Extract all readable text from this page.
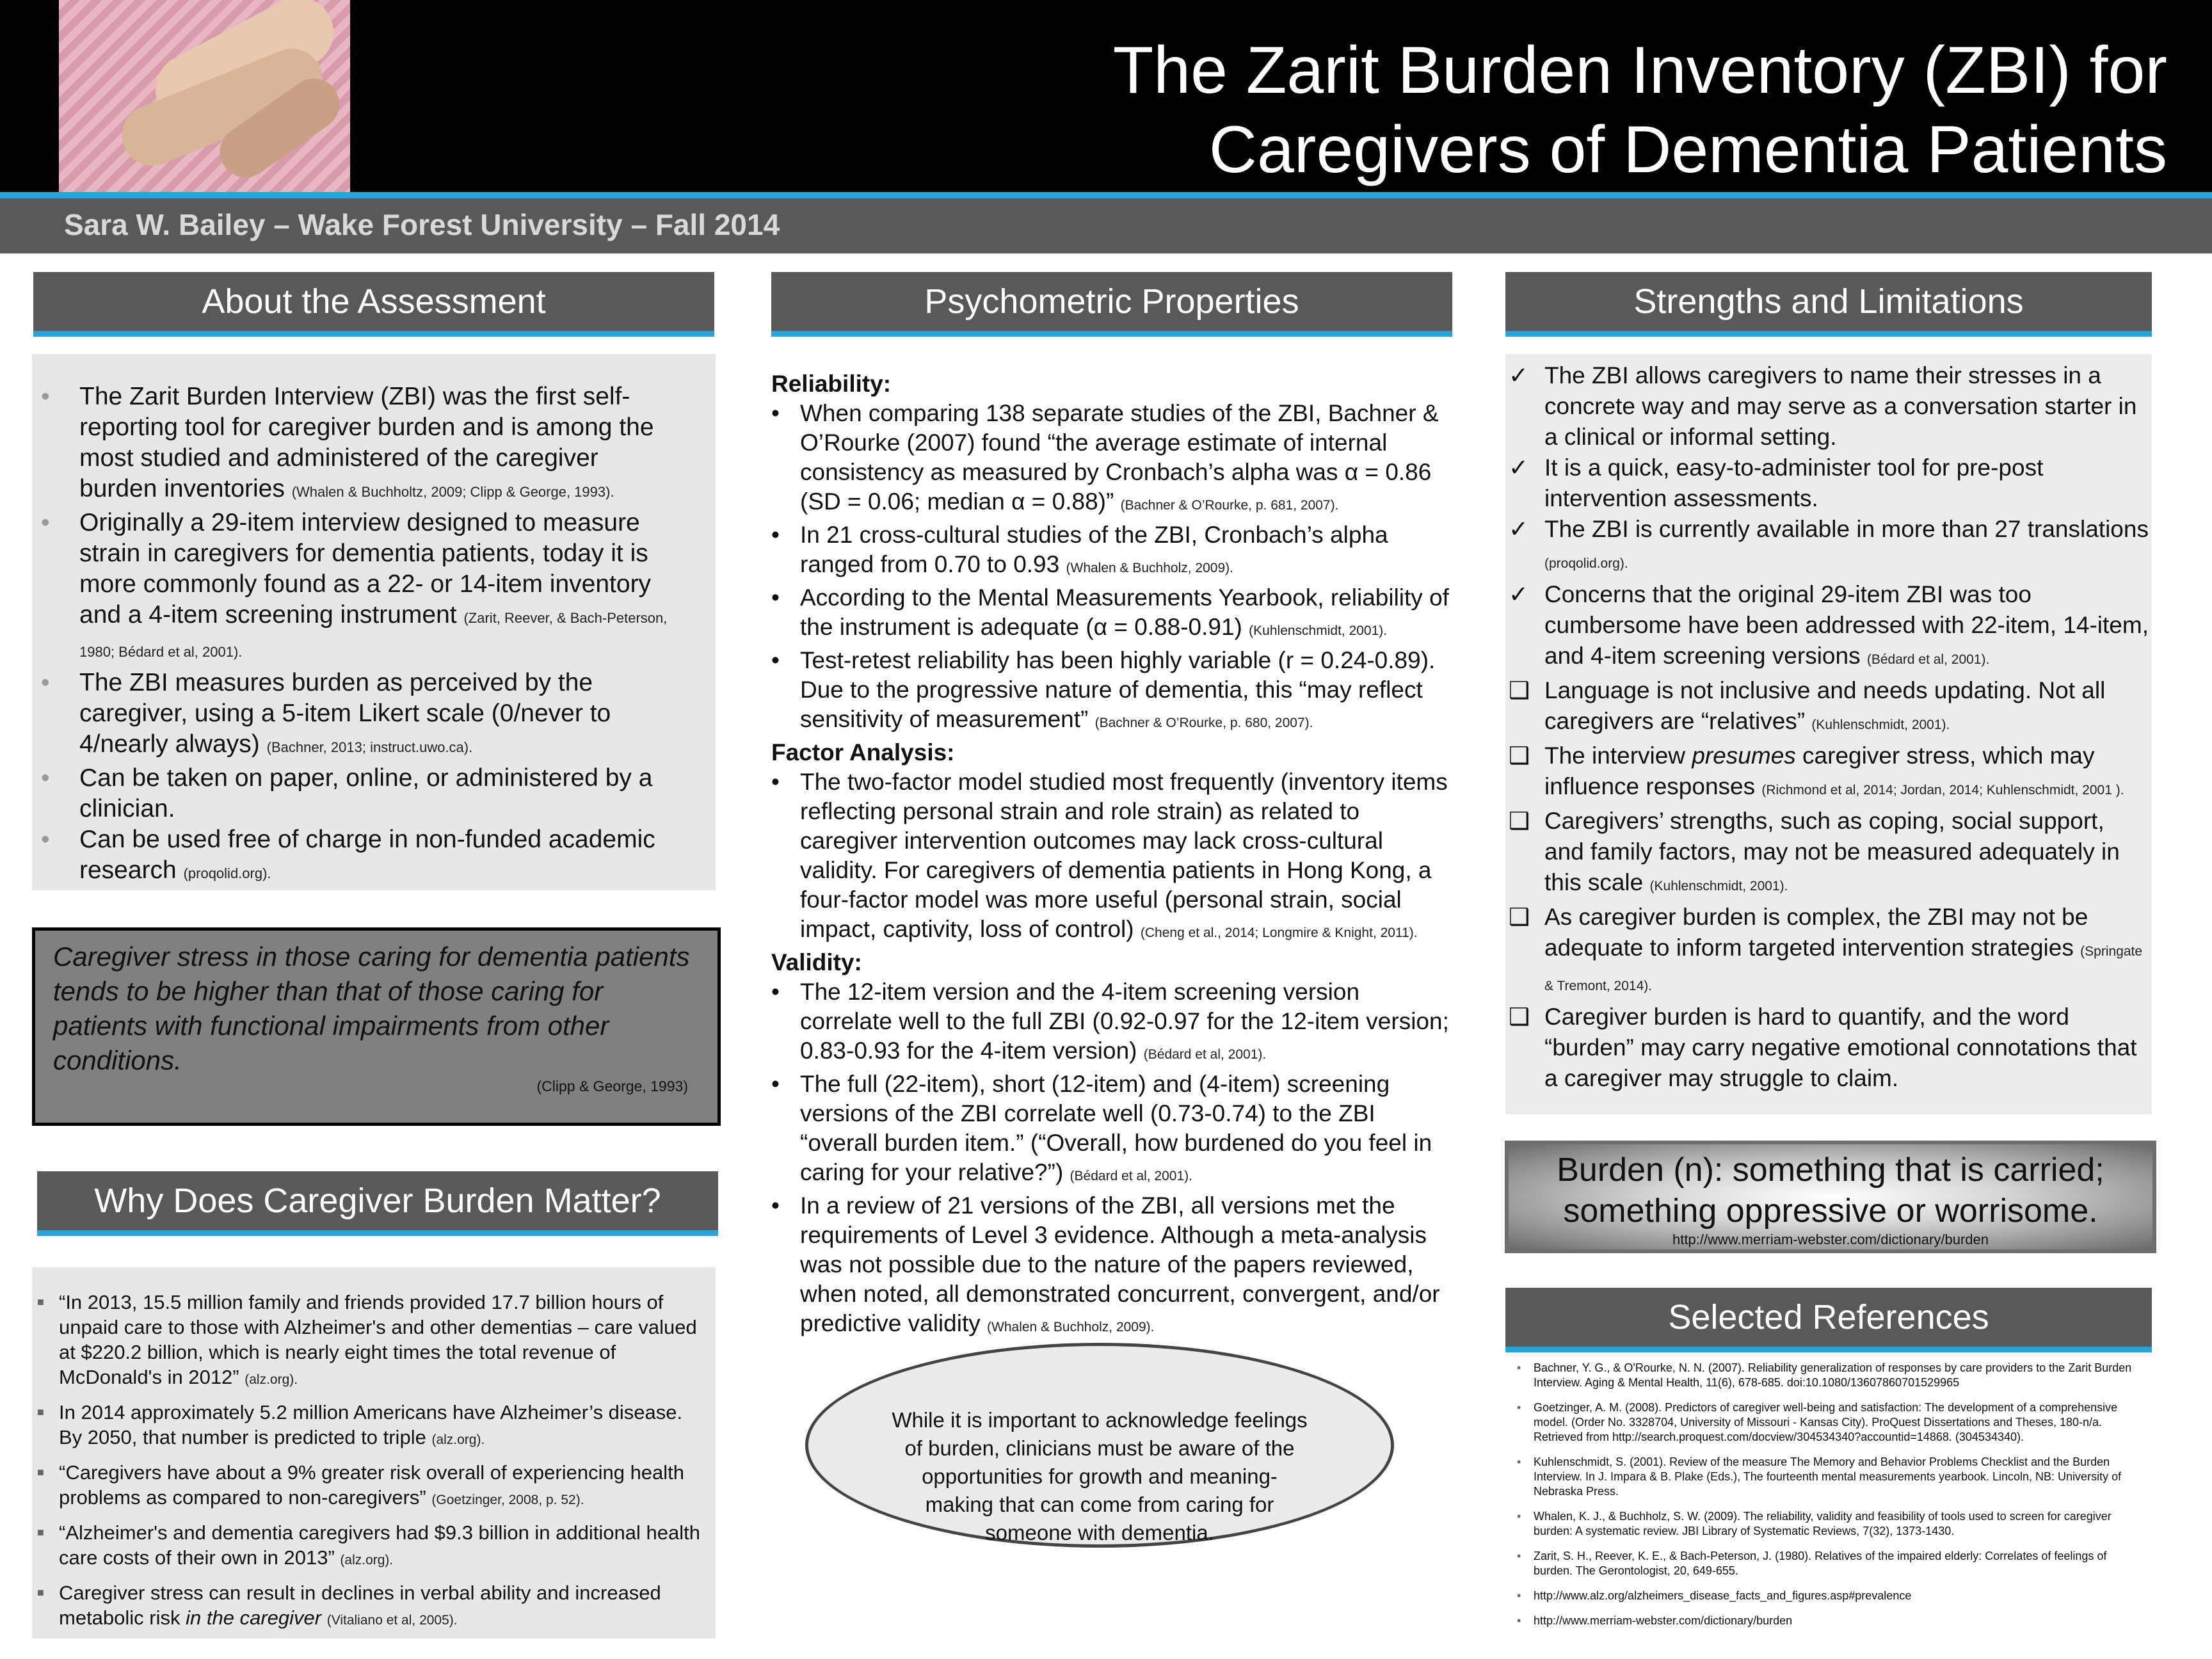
The Zarit Burden Inventory (ZBI) for
Caregivers of Dementia Patients
Sara W. Bailey – Wake Forest University – Fall 2014
About the Assessment
• The Zarit Burden Interview (ZBI) was the first self-reporting tool for caregiver burden and is among the most studied and administered of the caregiver burden inventories (Whalen & Buchholtz, 2009; Clipp & George, 1993).
• Originally a 29-item interview designed to measure strain in caregivers for dementia patients, today it is more commonly found as a 22- or 14-item inventory and a 4-item screening instrument (Zarit, Reever, & Bach-Peterson, 1980; Bédard et al, 2001).
• The ZBI measures burden as perceived by the caregiver, using a 5-item Likert scale (0/never to 4/nearly always) (Bachner, 2013; instruct.uwo.ca).
• Can be taken on paper, online, or administered by a clinician.
• Can be used free of charge in non-funded academic research (proqolid.org).
Caregiver stress in those caring for dementia patients tends to be higher than that of those caring for patients with functional impairments from other conditions.
(Clipp & George, 1993)
Why Does Caregiver Burden Matter?
■ “In 2013, 15.5 million family and friends provided 17.7 billion hours of unpaid care to those with Alzheimer's and other dementias – care valued at $220.2 billion, which is nearly eight times the total revenue of McDonald's in 2012” (alz.org).
■ In 2014 approximately 5.2 million Americans have Alzheimer’s disease. By 2050, that number is predicted to triple (alz.org).
■ “Caregivers have about a 9% greater risk overall of experiencing health problems as compared to non-caregivers” (Goetzinger, 2008, p. 52).
■ “Alzheimer's and dementia caregivers had $9.3 billion in additional health care costs of their own in 2013” (alz.org).
■ Caregiver stress can result in declines in verbal ability and increased metabolic risk in the caregiver (Vitaliano et al, 2005).
Psychometric Properties
Reliability:
• When comparing 138 separate studies of the ZBI, Bachner & O’Rourke (2007) found “the average estimate of internal consistency as measured by Cronbach’s alpha was α = 0.86 (SD = 0.06; median α = 0.88)” (Bachner & O’Rourke, p. 681, 2007).
• In 21 cross-cultural studies of the ZBI, Cronbach’s alpha ranged from 0.70 to 0.93 (Whalen & Buchholz, 2009).
• According to the Mental Measurements Yearbook, reliability of the instrument is adequate (α = 0.88-0.91) (Kuhlenschmidt, 2001).
• Test-retest reliability has been highly variable (r = 0.24-0.89). Due to the progressive nature of dementia, this “may reflect sensitivity of measurement” (Bachner & O’Rourke, p. 680, 2007).
Factor Analysis:
• The two-factor model studied most frequently (inventory items reflecting personal strain and role strain) as related to caregiver intervention outcomes may lack cross-cultural validity. For caregivers of dementia patients in Hong Kong, a four-factor model was more useful (personal strain, social impact, captivity, loss of control) (Cheng et al., 2014; Longmire & Knight, 2011).
Validity:
• The 12-item version and the 4-item screening version correlate well to the full ZBI (0.92-0.97 for the 12-item version; 0.83-0.93 for the 4-item version) (Bédard et al, 2001).
• The full (22-item), short (12-item) and (4-item) screening versions of the ZBI correlate well (0.73-0.74) to the ZBI “overall burden item.” (“Overall, how burdened do you feel in caring for your relative?”) (Bédard et al, 2001).
• In a review of 21 versions of the ZBI, all versions met the requirements of Level 3 evidence. Although a meta-analysis was not possible due to the nature of the papers reviewed, when noted, all demonstrated concurrent, convergent, and/or predictive validity (Whalen & Buchholz, 2009).
While it is important to acknowledge feelings of burden, clinicians must be aware of the opportunities for growth and meaning-making that can come from caring for someone with dementia.
Strengths and Limitations
✓ The ZBI allows caregivers to name their stresses in a concrete way and may serve as a conversation starter in a clinical or informal setting.
✓ It is a quick, easy-to-administer tool for pre-post intervention assessments.
✓ The ZBI is currently available in more than 27 translations (proqolid.org).
✓ Concerns that the original 29-item ZBI was too cumbersome have been addressed with 22-item, 14-item, and 4-item screening versions (Bédard et al, 2001).
❑ Language is not inclusive and needs updating. Not all caregivers are “relatives” (Kuhlenschmidt, 2001).
❑ The interview presumes caregiver stress, which may influence responses (Richmond et al, 2014; Jordan, 2014; Kuhlenschmidt, 2001 ).
❑ Caregivers’ strengths, such as coping, social support, and family factors, may not be measured adequately in this scale (Kuhlenschmidt, 2001).
❑ As caregiver burden is complex, the ZBI may not be adequate to inform targeted intervention strategies (Springate & Tremont, 2014).
❑ Caregiver burden is hard to quantify, and the word “burden” may carry negative emotional connotations that a caregiver may struggle to claim.
Burden (n): something that is carried; something oppressive or worrisome.
http://www.merriam-webster.com/dictionary/burden
Selected References
• Bachner, Y. G., & O'Rourke, N. N. (2007). Reliability generalization of responses by care providers to the Zarit Burden Interview. Aging & Mental Health, 11(6), 678-685. doi:10.1080/13607860701529965
• Goetzinger, A. M. (2008). Predictors of caregiver well-being and satisfaction: The development of a comprehensive model. (Order No. 3328704, University of Missouri - Kansas City). ProQuest Dissertations and Theses, 180-n/a. Retrieved from http://search.proquest.com/docview/304534340?accountid=14868. (304534340).
• Kuhlenschmidt, S. (2001). Review of the measure The Memory and Behavior Problems Checklist and the Burden Interview. In J. Impara & B. Plake (Eds.), The fourteenth mental measurements yearbook. Lincoln, NB: University of Nebraska Press.
• Whalen, K. J., & Buchholz, S. W. (2009). The reliability, validity and feasibility of tools used to screen for caregiver burden: A systematic review. JBI Library of Systematic Reviews, 7(32), 1373-1430.
• Zarit, S. H., Reever, K. E., & Bach-Peterson, J. (1980). Relatives of the impaired elderly: Correlates of feelings of burden. The Gerontologist, 20, 649-655.
• http://www.alz.org/alzheimers_disease_facts_and_figures.asp#prevalence
• http://www.merriam-webster.com/dictionary/burden
